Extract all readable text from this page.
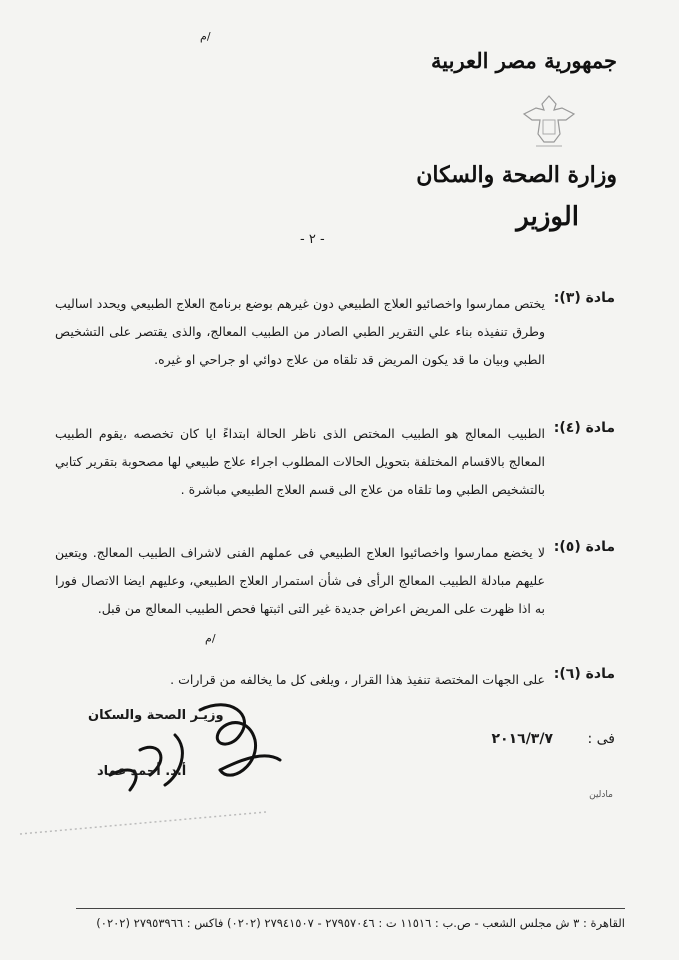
م/
جمهورية مصر العربية
وزارة الصحة والسكان
الوزير
- ٢ -
مادة (٣):
يختص ممارسوا واخصائيو العلاج الطبيعي دون غيرهم بوضع برنامج العلاج الطبيعي ويحدد اساليب وطرق تنفيذه بناء علي التقرير الطبي الصادر من الطبيب المعالج، والذى يقتصر على التشخيص الطبي وبيان ما قد يكون المريض قد تلقاه من علاج دوائي او جراحي او غيره.
مادة (٤):
الطبيب المعالج هو الطبيب المختص الذى ناظر الحالة ابتداءً ايا كان تخصصه ،يقوم الطبيب المعالج بالاقسام المختلفة بتحويل الحالات المطلوب اجراء علاج طبيعي لها مصحوبة بتقرير كتابي بالتشخيص الطبي وما تلقاه من علاج الى قسم العلاج الطبيعي مباشرة .
مادة (٥):
لا يخضع ممارسوا واخصائيوا العلاج الطبيعي فى عملهم الفنى لاشراف الطبيب المعالج. ويتعين عليهم مبادلة الطبيب المعالج الرأى فى شأن استمرار العلاج الطبيعي، وعليهم ايضا الاتصال فورا به اذا ظهرت على المريض اعراض جديدة غير التى اثبتها فحص الطبيب المعالج من قبل.
م/
مادة (٦):
على الجهات المختصة تنفيذ هذا القرار ، ويلغى كل ما يخالفه من قرارات .
وزيـر الصحة والسكان
أ.د. أحمد عماد
فى : ٢٠١٦/٣/٧
مادلين
القاهرة : ٣ ش مجلس الشعب - ص.ب : ١١٥١٦ ت : ٢٧٩٥٧٠٤٦ - ٢٧٩٤١٥٠٧ (٠٢٠٢) فاكس : ٢٧٩٥٣٩٦٦ (٠٢٠٢)
